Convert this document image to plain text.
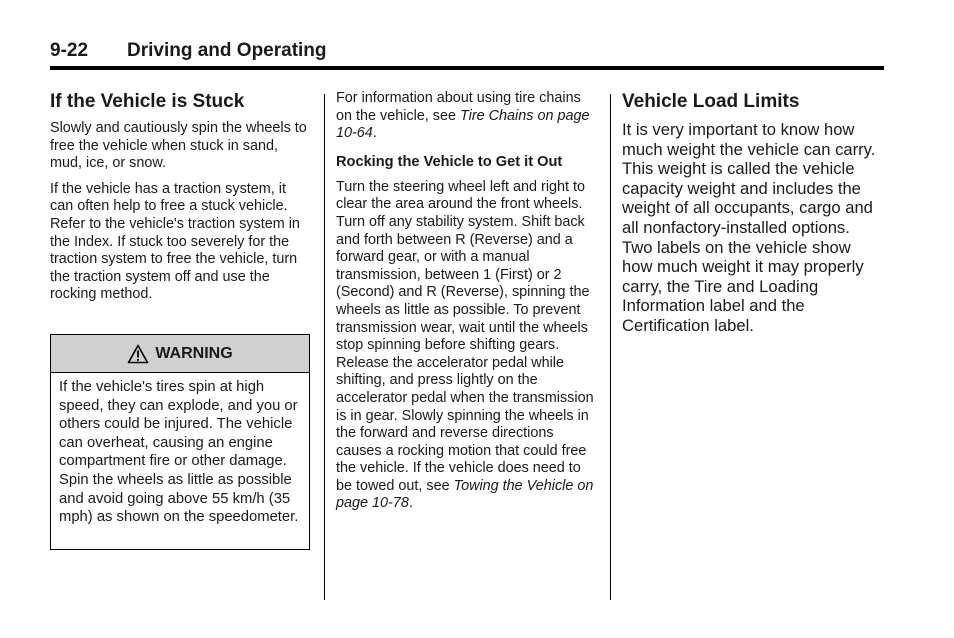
9-22 Driving and Operating
If the Vehicle is Stuck

Slowly and cautiously spin the wheels to free the vehicle when stuck in sand, mud, ice, or snow.

If the vehicle has a traction system, it can often help to free a stuck vehicle. Refer to the vehicle's traction system in the Index. If stuck too severely for the traction system to free the vehicle, turn the traction system off and use the rocking method.

WARNING
If the vehicle's tires spin at high speed, they can explode, and you or others could be injured. The vehicle can overheat, causing an engine compartment fire or other damage. Spin the wheels as little as possible and avoid going above 55 km/h (35 mph) as shown on the speedometer.

For information about using tire chains on the vehicle, see Tire Chains on page 10-64.

Rocking the Vehicle to Get it Out

Turn the steering wheel left and right to clear the area around the front wheels. Turn off any stability system. Shift back and forth between R (Reverse) and a forward gear, or with a manual transmission, between 1 (First) or 2 (Second) and R (Reverse), spinning the wheels as little as possible. To prevent transmission wear, wait until the wheels stop spinning before shifting gears. Release the accelerator pedal while shifting, and press lightly on the accelerator pedal when the transmission is in gear. Slowly spinning the wheels in the forward and reverse directions causes a rocking motion that could free the vehicle. If the vehicle does need to be towed out, see Towing the Vehicle on page 10-78.

Vehicle Load Limits

It is very important to know how much weight the vehicle can carry. This weight is called the vehicle capacity weight and includes the weight of all occupants, cargo and all nonfactory-installed options. Two labels on the vehicle show how much weight it may properly carry, the Tire and Loading Information label and the Certification label.
